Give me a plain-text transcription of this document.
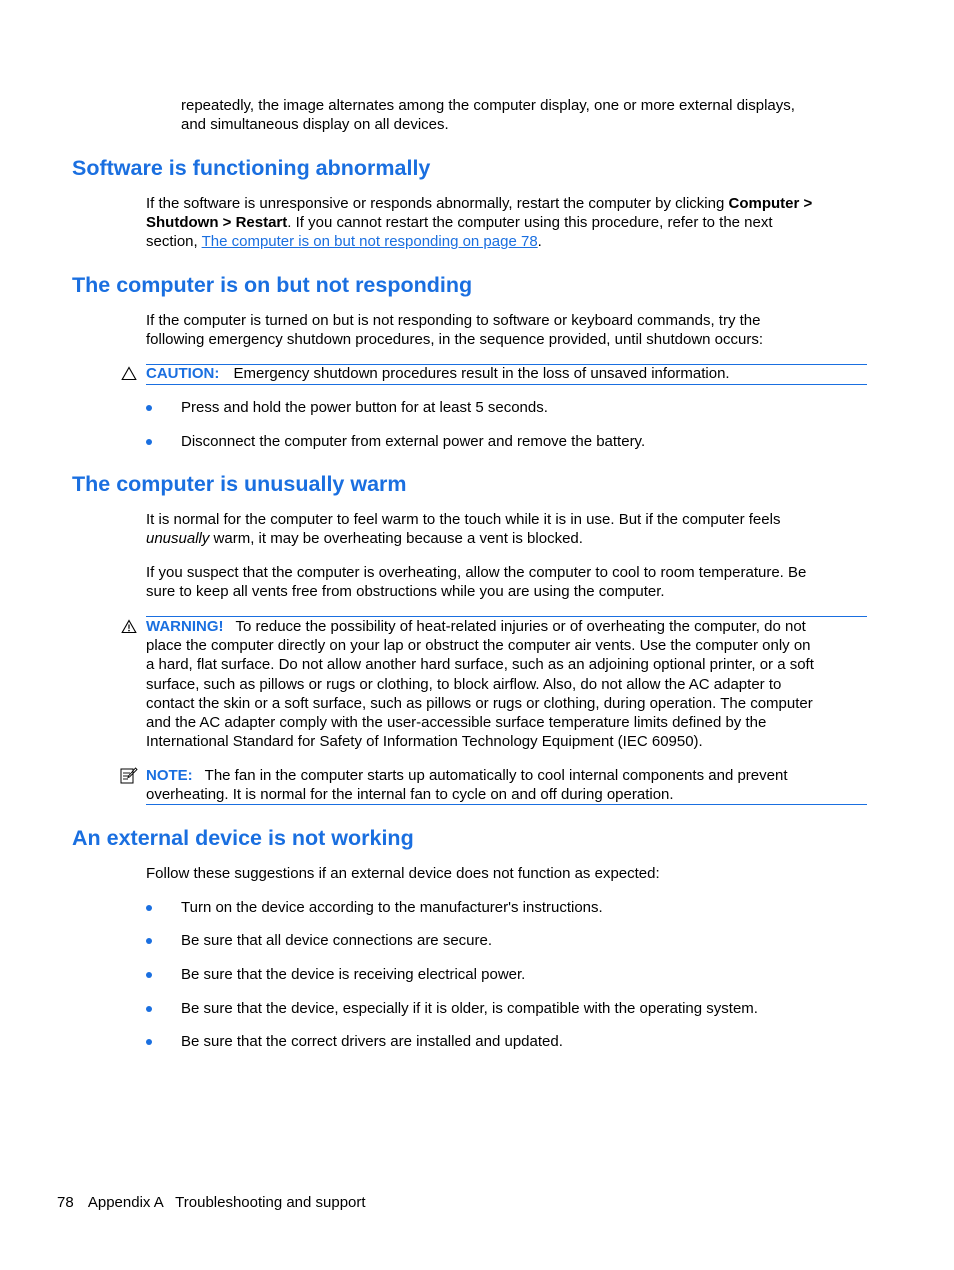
repeatedly, the image alternates among the computer display, one or more external displays,
and simultaneous display on all devices.
Software is functioning abnormally
If the software is unresponsive or responds abnormally, restart the computer by clicking Computer >
Shutdown > Restart. If you cannot restart the computer using this procedure, refer to the next
section, The computer is on but not responding on page 78.
The computer is on but not responding
If the computer is turned on but is not responding to software or keyboard commands, try the
following emergency shutdown procedures, in the sequence provided, until shutdown occurs:
CAUTION: Emergency shutdown procedures result in the loss of unsaved information.
Press and hold the power button for at least 5 seconds.
Disconnect the computer from external power and remove the battery.
The computer is unusually warm
It is normal for the computer to feel warm to the touch while it is in use. But if the computer feels
unusually warm, it may be overheating because a vent is blocked.
If you suspect that the computer is overheating, allow the computer to cool to room temperature. Be
sure to keep all vents free from obstructions while you are using the computer.
WARNING! To reduce the possibility of heat-related injuries or of overheating the computer, do not
place the computer directly on your lap or obstruct the computer air vents. Use the computer only on
a hard, flat surface. Do not allow another hard surface, such as an adjoining optional printer, or a soft
surface, such as pillows or rugs or clothing, to block airflow. Also, do not allow the AC adapter to
contact the skin or a soft surface, such as pillows or rugs or clothing, during operation. The computer
and the AC adapter comply with the user-accessible surface temperature limits defined by the
International Standard for Safety of Information Technology Equipment (IEC 60950).
NOTE: The fan in the computer starts up automatically to cool internal components and prevent
overheating. It is normal for the internal fan to cycle on and off during operation.
An external device is not working
Follow these suggestions if an external device does not function as expected:
Turn on the device according to the manufacturer's instructions.
Be sure that all device connections are secure.
Be sure that the device is receiving electrical power.
Be sure that the device, especially if it is older, is compatible with the operating system.
Be sure that the correct drivers are installed and updated.
78 Appendix A   Troubleshooting and support
